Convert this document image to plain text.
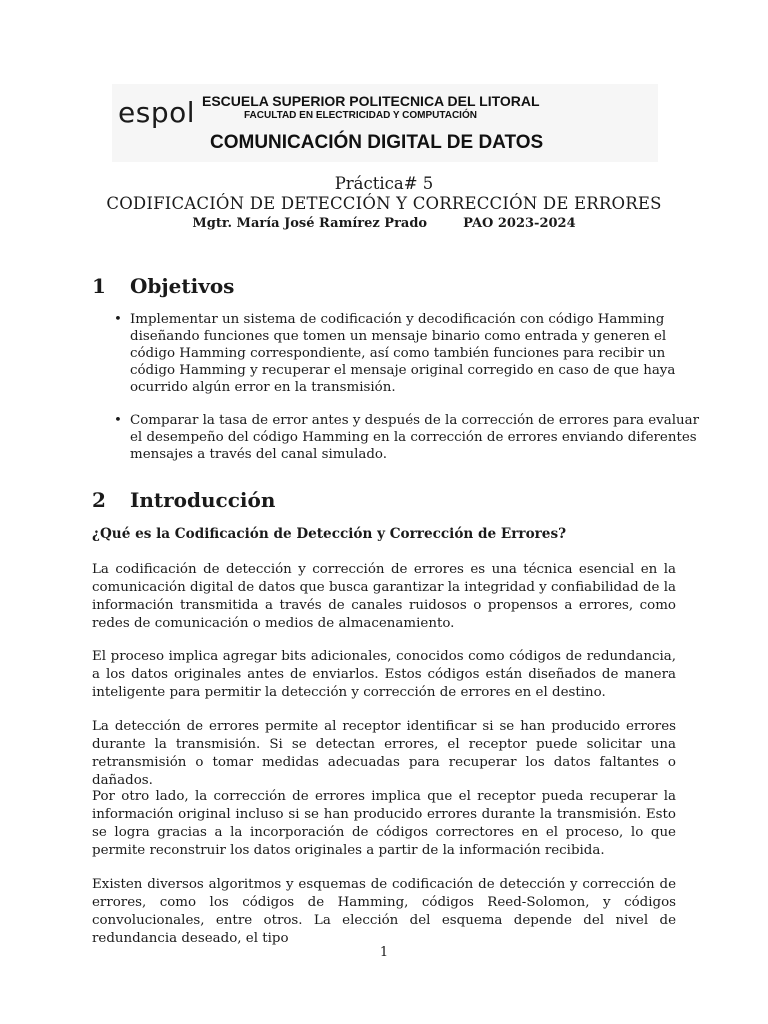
espol ESCUELA SUPERIOR POLITECNICA DEL LITORAL
FACULTAD EN ELECTRICIDAD Y COMPUTACIÓN
COMUNICACIÓN DIGITAL DE DATOS
Práctica# 5
CODIFICACIÓN DE DETECCIÓN Y CORRECCIÓN DE ERRORES
Mgtr. María José Ramírez Prado	PAO 2023-2024
1 Objetivos
• Implementar un sistema de codificación y decodificación con código Hamming diseñando funciones que tomen un mensaje binario como entrada y generen el código Hamming correspondiente, así como también funciones para recibir un código Hamming y recuperar el mensaje original corregido en caso de que haya ocurrido algún error en la transmisión.
• Comparar la tasa de error antes y después de la corrección de errores para evaluar el desempeño del código Hamming en la corrección de errores enviando diferentes mensajes a través del canal simulado.
2 Introducción
¿Qué es la Codificación de Detección y Corrección de Errores?

La codificación de detección y corrección de errores es una técnica esencial en la comunicación digital de datos que busca garantizar la integridad y confiabilidad de la información transmitida a través de canales ruidosos o propensos a errores, como redes de comunicación o medios de almacenamiento.

El proceso implica agregar bits adicionales, conocidos como códigos de redundancia, a los datos originales antes de enviarlos. Estos códigos están diseñados de manera inteligente para permitir la detección y corrección de errores en el destino.

La detección de errores permite al receptor identificar si se han producido errores durante la transmisión. Si se detectan errores, el receptor puede solicitar una retransmisión o tomar medidas adecuadas para recuperar los datos faltantes o dañados.

Por otro lado, la corrección de errores implica que el receptor pueda recuperar la información original incluso si se han producido errores durante la transmisión. Esto se logra gracias a la incorporación de códigos correctores en el proceso, lo que permite reconstruir los datos originales a partir de la información recibida.

Existen diversos algoritmos y esquemas de codificación de detección y corrección de errores, como los códigos de Hamming, códigos Reed-Solomon, y códigos convolucionales, entre otros. La elección del esquema depende del nivel de redundancia deseado, el tipo

1
